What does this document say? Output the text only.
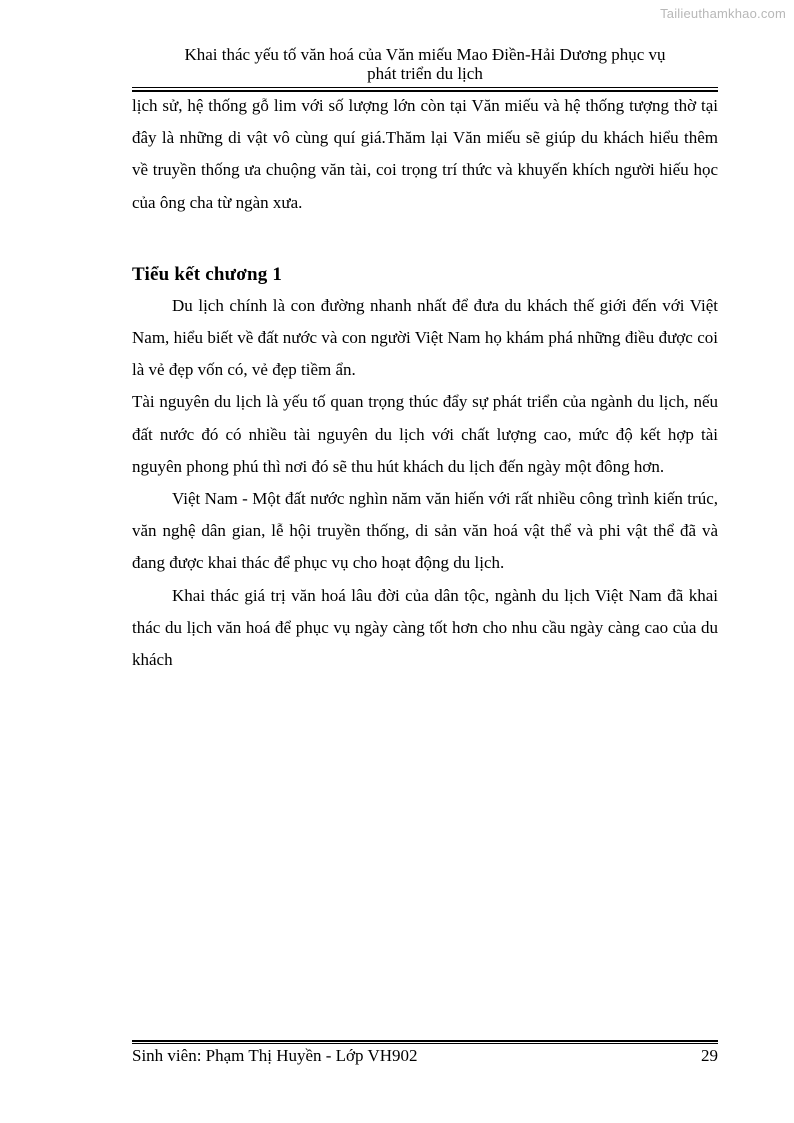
Tailieuthamkhao.com
Khai thác yếu tố văn hoá của Văn miếu Mao Điền-Hải Dương phục vụ
phát triển du lịch

lịch sử, hệ thống gỗ lim với số lượng lớn còn tại Văn miếu và hệ thống tượng thờ tại đây là những di vật vô cùng quí giá.Thăm lại Văn miếu sẽ giúp du khách hiểu thêm về truyền thống ưa chuộng văn tài, coi trọng trí thức và khuyến khích người hiếu học của ông cha từ ngàn xưa.

Tiểu kết chương 1

Du lịch chính là con đường nhanh nhất để đưa du khách thế giới đến với Việt Nam, hiểu biết về đất nước và con người Việt Nam họ khám phá những điều được coi là vẻ đẹp vốn có, vẻ đẹp tiềm ẩn.

Tài nguyên du lịch là yếu tố quan trọng thúc đẩy sự phát triển của ngành du lịch, nếu đất nước đó có nhiều tài nguyên du lịch với chất lượng cao, mức độ kết hợp tài nguyên phong phú thì nơi đó sẽ thu hút khách du lịch đến ngày một đông hơn.

Việt Nam - Một đất nước nghìn năm văn hiến với rất nhiều công trình kiến trúc, văn nghệ dân gian, lễ hội truyền thống, di sản văn hoá vật thể và phi vật thể đã và đang được khai thác để phục vụ cho hoạt động du lịch.

Khai thác giá trị văn hoá lâu đời của dân tộc, ngành du lịch Việt Nam đã khai thác du lịch văn hoá để phục vụ ngày càng tốt hơn cho nhu cầu ngày càng cao của du khách

Sinh viên: Phạm Thị Huyền - Lớp VH902	29
